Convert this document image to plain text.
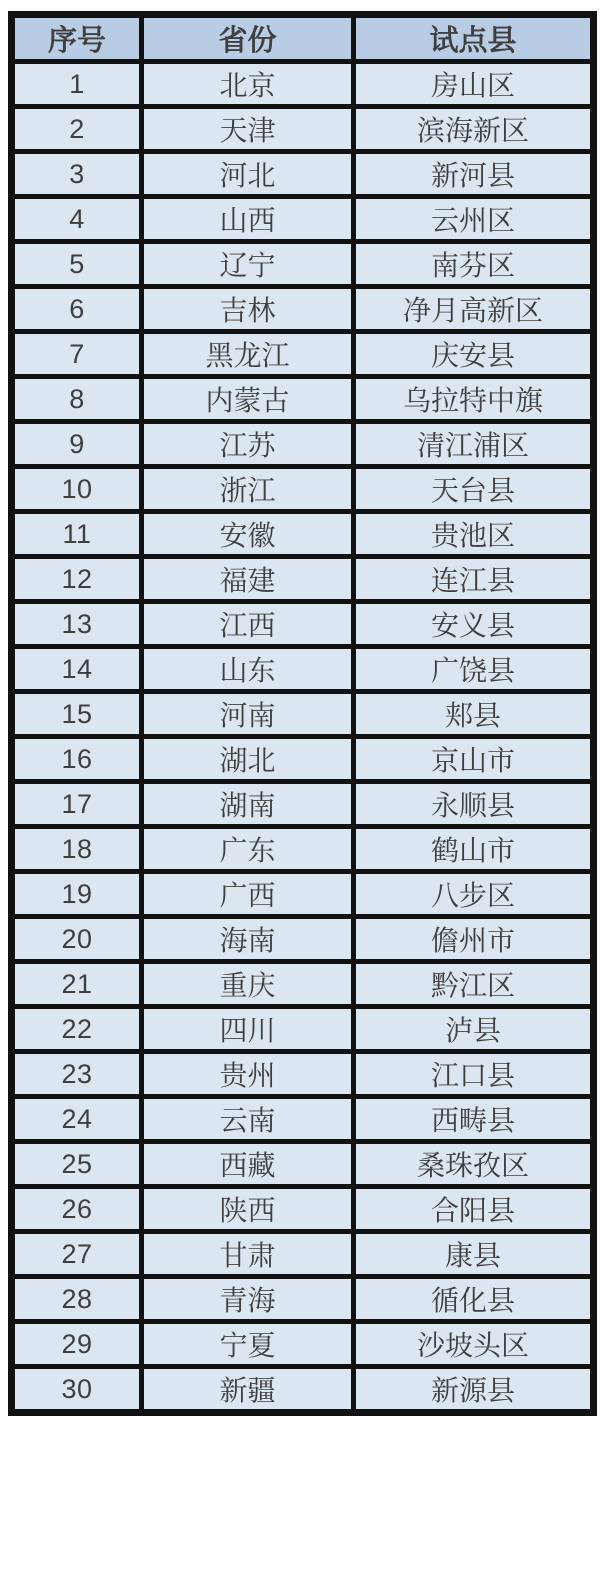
序号	省份	试点县
1	北京	房山区
2	天津	滨海新区
3	河北	新河县
4	山西	云州区
5	辽宁	南芬区
6	吉林	净月高新区
7	黑龙江	庆安县
8	内蒙古	乌拉特中旗
9	江苏	清江浦区
10	浙江	天台县
11	安徽	贵池区
12	福建	连江县
13	江西	安义县
14	山东	广饶县
15	河南	郏县
16	湖北	京山市
17	湖南	永顺县
18	广东	鹤山市
19	广西	八步区
20	海南	儋州市
21	重庆	黔江区
22	四川	泸县
23	贵州	江口县
24	云南	西畴县
25	西藏	桑珠孜区
26	陕西	合阳县
27	甘肃	康县
28	青海	循化县
29	宁夏	沙坡头区
30	新疆	新源县
